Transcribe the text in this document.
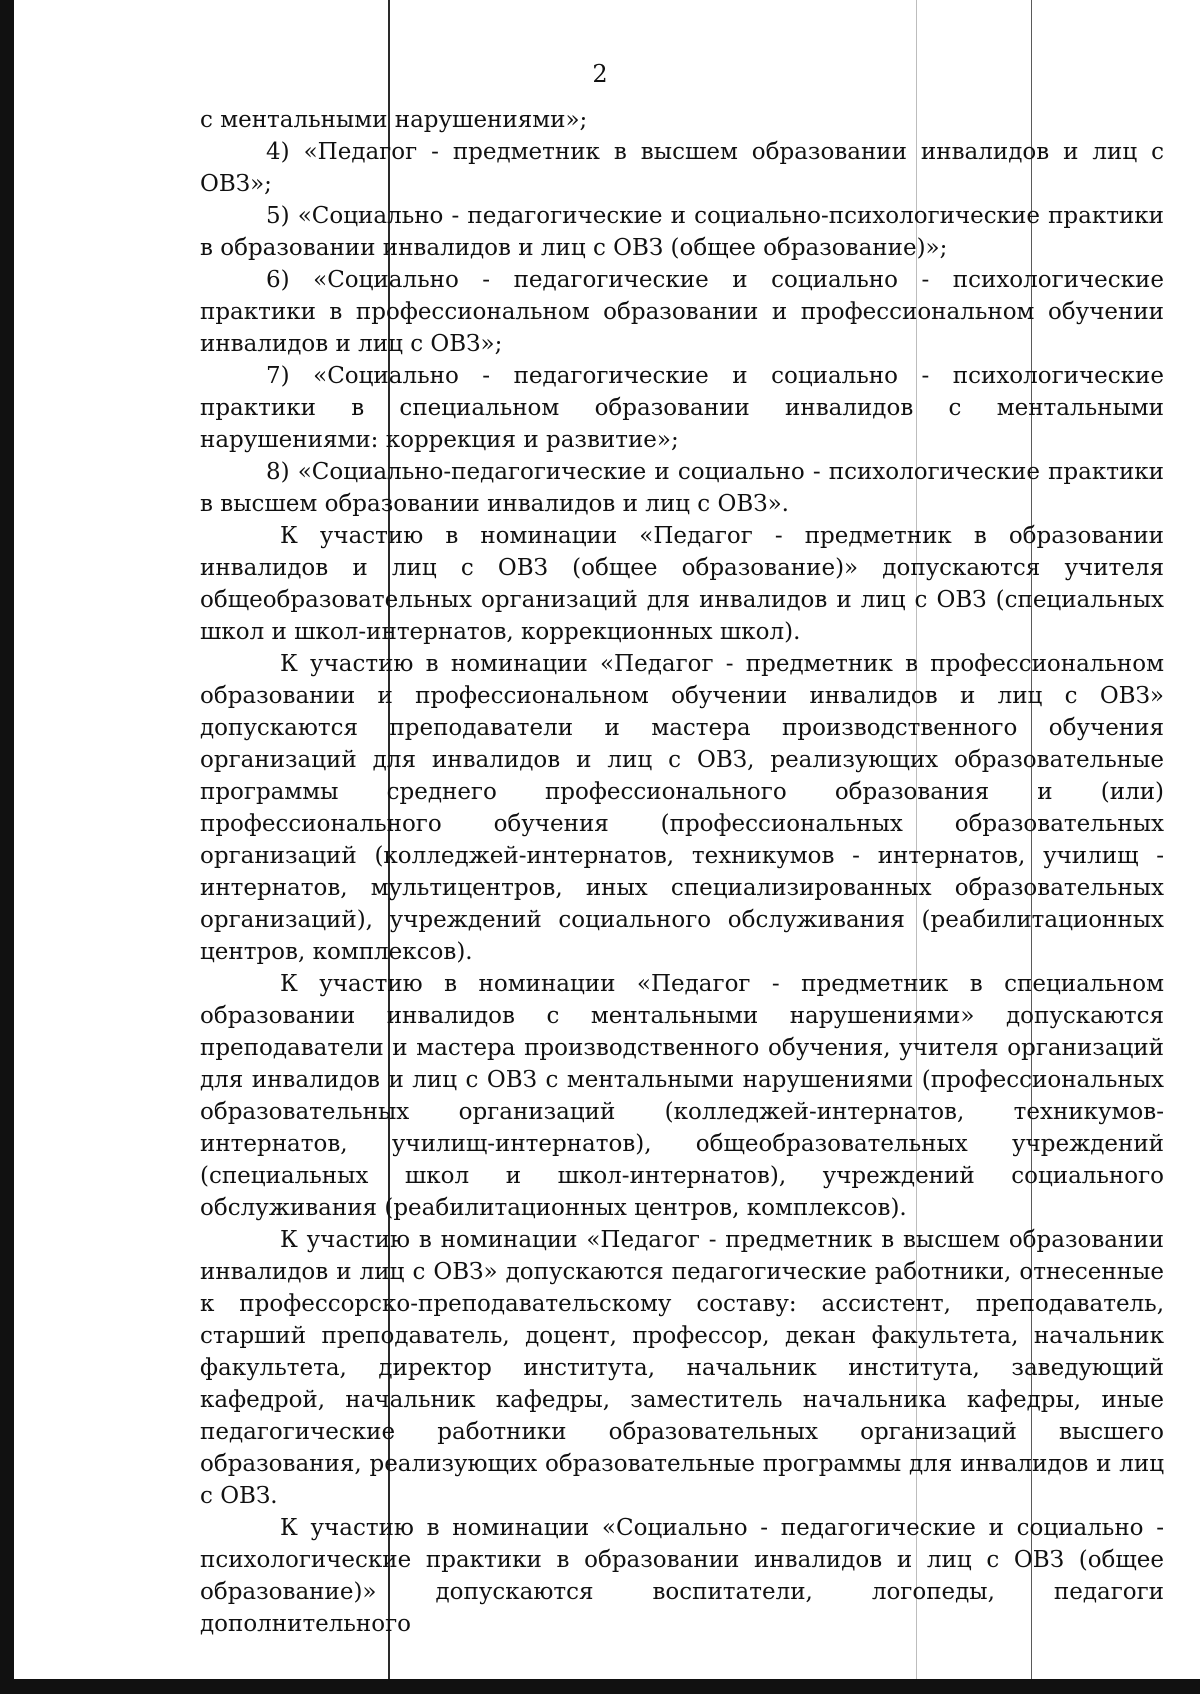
2

с ментальными нарушениями»;

4) «Педагог - предметник в высшем образовании инвалидов и лиц с ОВЗ»;

5) «Социально - педагогические и социально-психологические практики в образовании инвалидов и лиц с ОВЗ (общее образование)»;

6) «Социально - педагогические и социально - психологические практики в профессиональном образовании и профессиональном обучении инвалидов и лиц с ОВЗ»;

7) «Социально - педагогические и социально - психологические практики в специальном образовании инвалидов с ментальными нарушениями: коррекция и развитие»;

8) «Социально-педагогические и социально - психологические практики в высшем образовании инвалидов и лиц с ОВЗ».

К участию в номинации «Педагог - предметник в образовании инвалидов и лиц с ОВЗ (общее образование)» допускаются учителя общеобразовательных организаций для инвалидов и лиц с ОВЗ (специальных школ и школ-интернатов, коррекционных школ).

К участию в номинации «Педагог - предметник в профессиональном образовании и профессиональном обучении инвалидов и лиц с ОВЗ» допускаются преподаватели и мастера производственного обучения организаций для инвалидов и лиц с ОВЗ, реализующих образовательные программы среднего профессионального образования и (или) профессионального обучения (профессиональных образовательных организаций (колледжей-интернатов, техникумов - интернатов, училищ - интернатов, мультицентров, иных специализированных образовательных организаций), учреждений социального обслуживания (реабилитационных центров, комплексов).

К участию в номинации «Педагог - предметник в специальном образовании инвалидов с ментальными нарушениями» допускаются преподаватели и мастера производственного обучения, учителя организаций для инвалидов и лиц с ОВЗ с ментальными нарушениями (профессиональных образовательных организаций (колледжей-интернатов, техникумов-интернатов, училищ-интернатов), общеобразовательных учреждений (специальных школ и школ-интернатов), учреждений социального обслуживания (реабилитационных центров, комплексов).

К участию в номинации «Педагог - предметник в высшем образовании инвалидов и лиц с ОВЗ» допускаются педагогические работники, отнесенные к профессорско-преподавательскому составу: ассистент, преподаватель, старший преподаватель, доцент, профессор, декан факультета, начальник факультета, директор института, начальник института, заведующий кафедрой, начальник кафедры, заместитель начальника кафедры, иные педагогические работники образовательных организаций высшего образования, реализующих образовательные программы для инвалидов и лиц с ОВЗ.

К участию в номинации «Социально - педагогические и социально - психологические практики в образовании инвалидов и лиц с ОВЗ (общее образование)» допускаются воспитатели, логопеды, педагоги дополнительного
